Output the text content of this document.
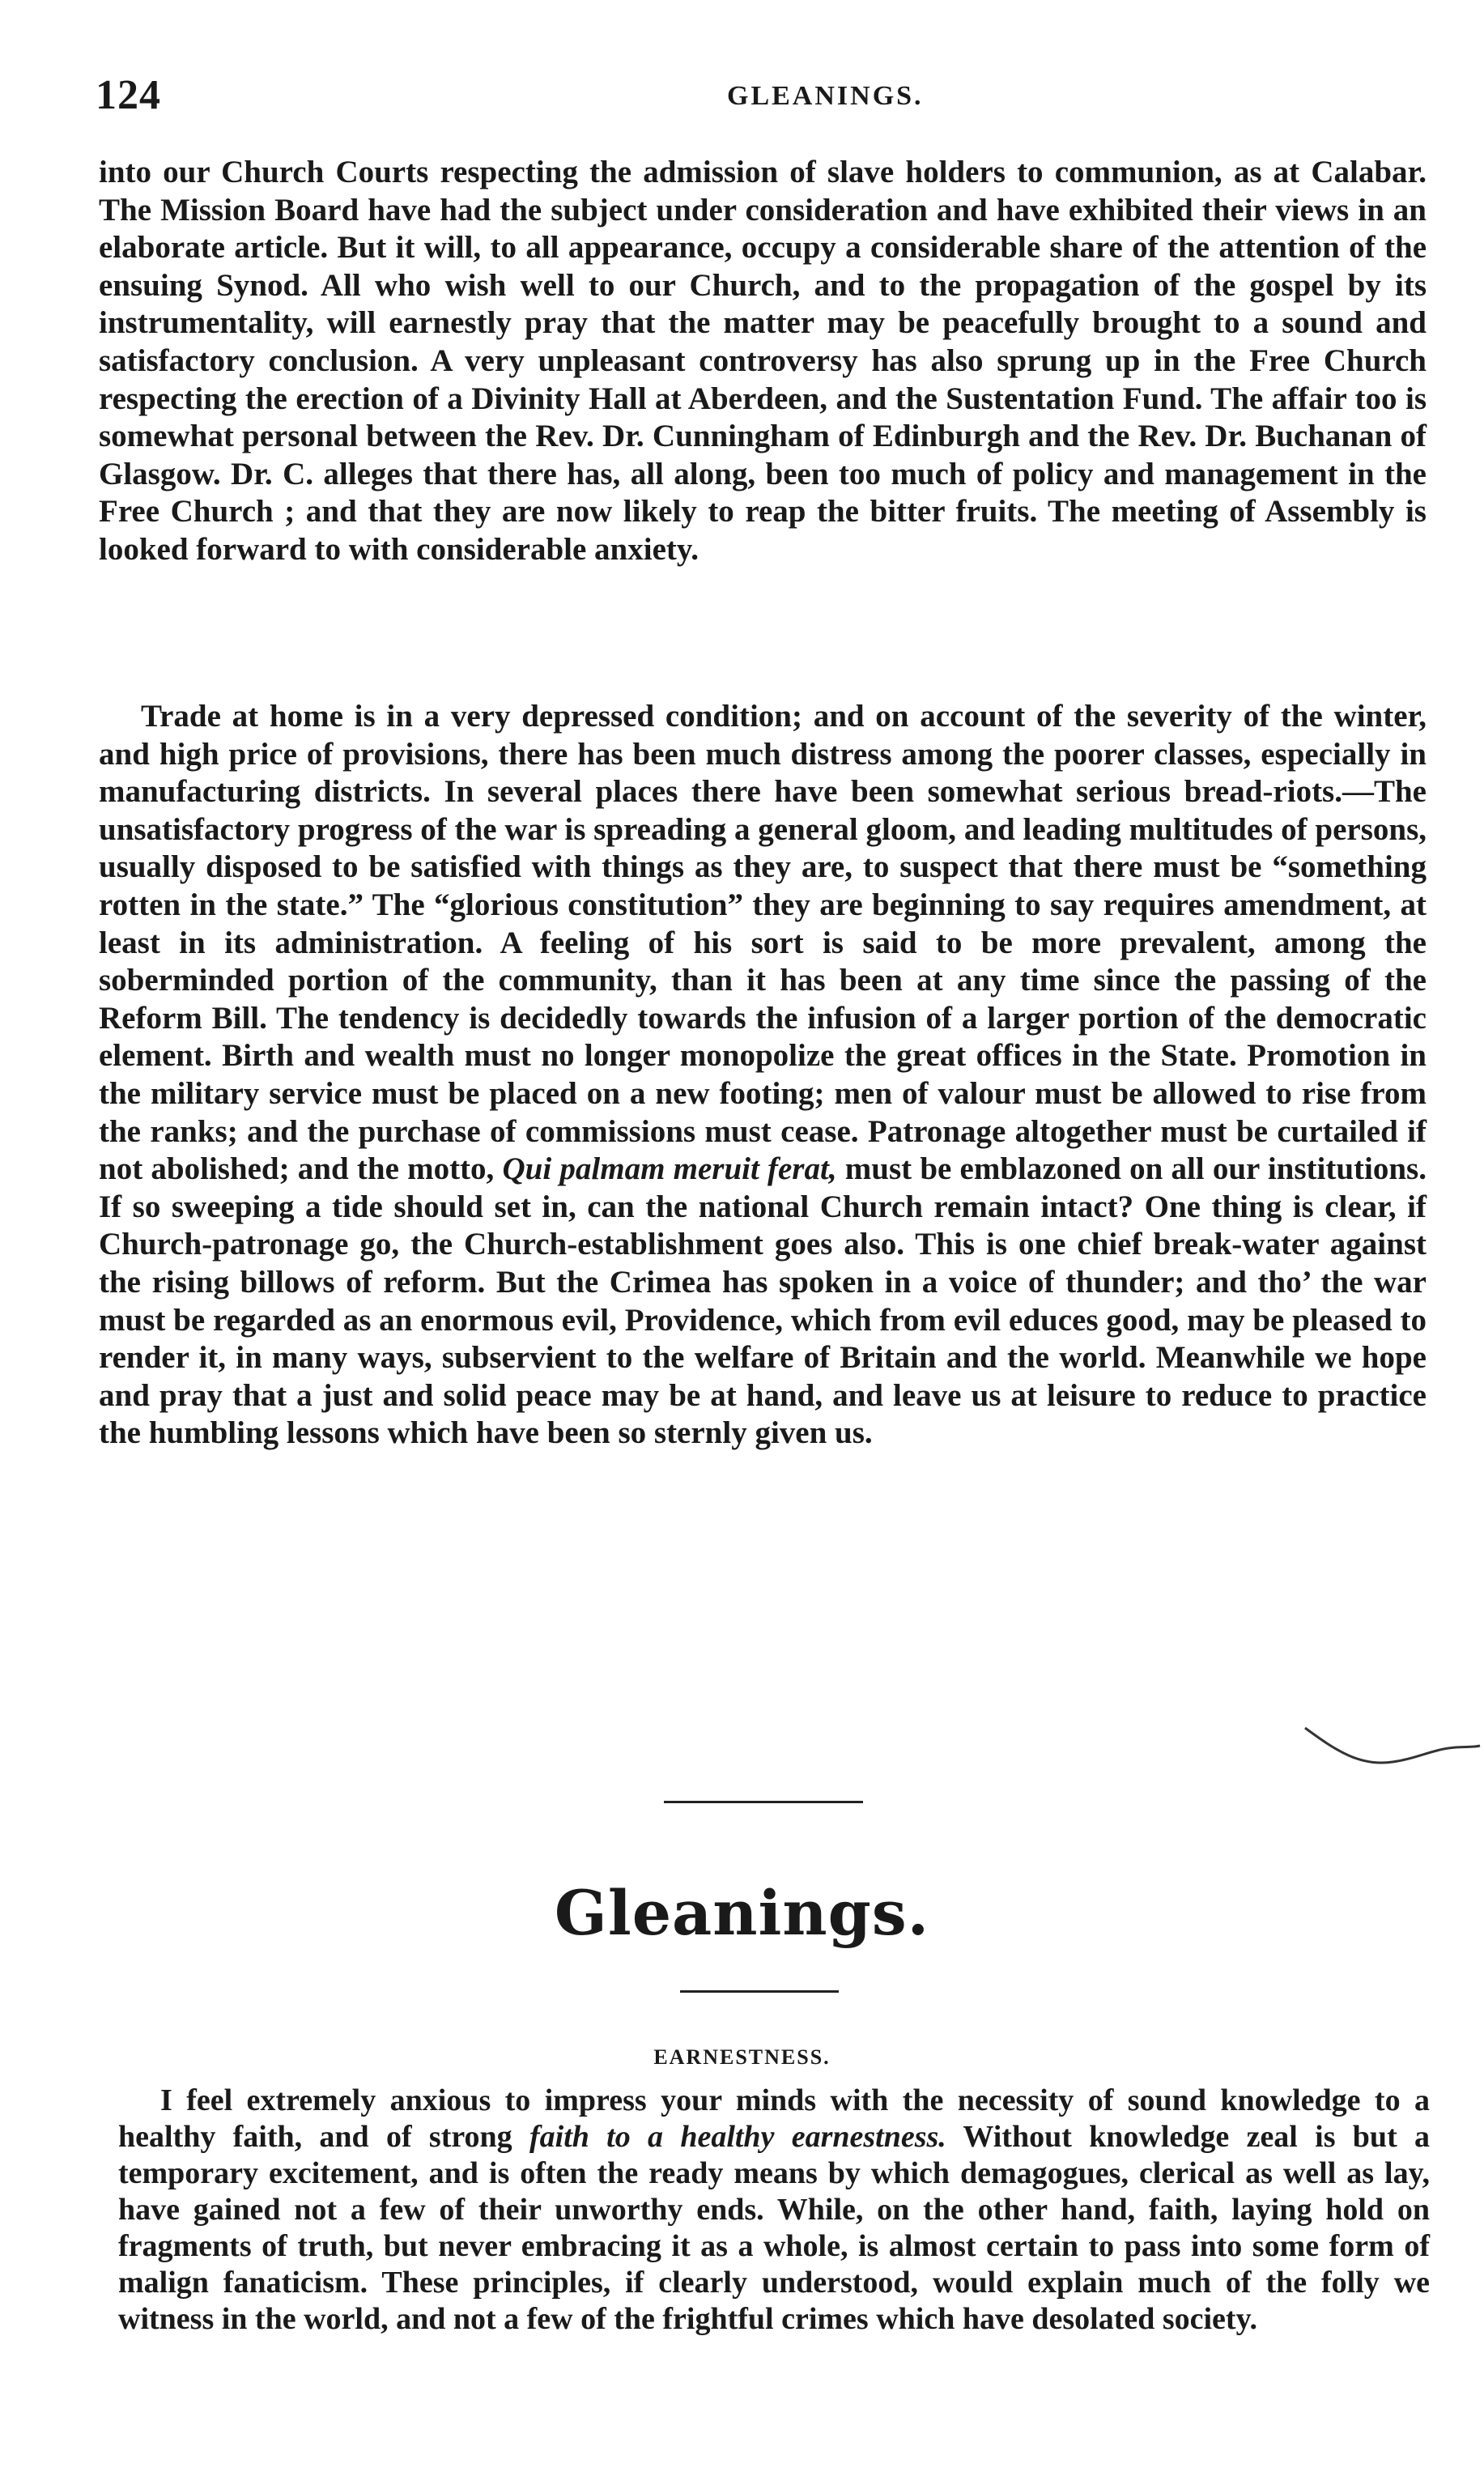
124	GLEANINGS.

into our Church Courts respecting the admission of slave holders to communion, as at Calabar. The Mission Board have had the subject under consideration and have exhibited their views in an elaborate article. But it will, to all appearance, occupy a considerable share of the attention of the ensuing Synod. All who wish well to our Church, and to the propagation of the gospel by its instrumentality, will earnestly pray that the matter may be peacefully brought to a sound and satisfactory conclusion. A very unpleasant controversy has also sprung up in the Free Church respecting the erection of a Divinity Hall at Aberdeen, and the Sustentation Fund. The affair too is somewhat personal between the Rev. Dr. Cunningham of Edinburgh and the Rev. Dr. Buchanan of Glasgow. Dr. C. alleges that there has, all along, been too much of policy and management in the Free Church ; and that they are now likely to reap the bitter fruits. The meeting of Assembly is looked forward to with considerable anxiety.

Trade at home is in a very depressed condition; and on account of the severity of the winter, and high price of provisions, there has been much distress among the poorer classes, especially in manufacturing districts. In several places there have been somewhat serious bread-riots.—The unsatisfactory progress of the war is spreading a general gloom, and leading multitudes of persons, usually disposed to be satisfied with things as they are, to suspect that there must be “something rotten in the state.” The “glorious constitution” they are beginning to say requires amendment, at least in its administration. A feeling of his sort is said to be more prevalent, among the soberminded portion of the community, than it has been at any time since the passing of the Reform Bill. The tendency is decidedly towards the infusion of a larger portion of the democratic element. Birth and wealth must no longer monopolize the great offices in the State. Promotion in the military service must be placed on a new footing; men of valour must be allowed to rise from the ranks; and the purchase of commissions must cease. Patronage altogether must be curtailed if not abolished; and the motto, Qui palmam meruit ferat, must be emblazoned on all our institutions. If so sweeping a tide should set in, can the national Church remain intact? One thing is clear, if Church-patronage go, the Church-establishment goes also. This is one chief break-water against the rising billows of reform. But the Crimea has spoken in a voice of thunder; and tho’ the war must be regarded as an enormous evil, Providence, which from evil educes good, may be pleased to render it, in many ways, subservient to the welfare of Britain and the world. Meanwhile we hope and pray that a just and solid peace may be at hand, and leave us at leisure to reduce to practice the humbling lessons which have been so sternly given us.

Gleanings.
EARNESTNESS.

I feel extremely anxious to impress your minds with the necessity of sound knowledge to a healthy faith, and of strong faith to a healthy earnestness. Without knowledge zeal is but a temporary excitement, and is often the ready means by which demagogues, clerical as well as lay, have gained not a few of their unworthy ends. While, on the other hand, faith, laying hold on fragments of truth, but never embracing it as a whole, is almost certain to pass into some form of malign fanaticism. These principles, if clearly understood, would explain much of the folly we witness in the world, and not a few of the frightful crimes which have desolated society.
